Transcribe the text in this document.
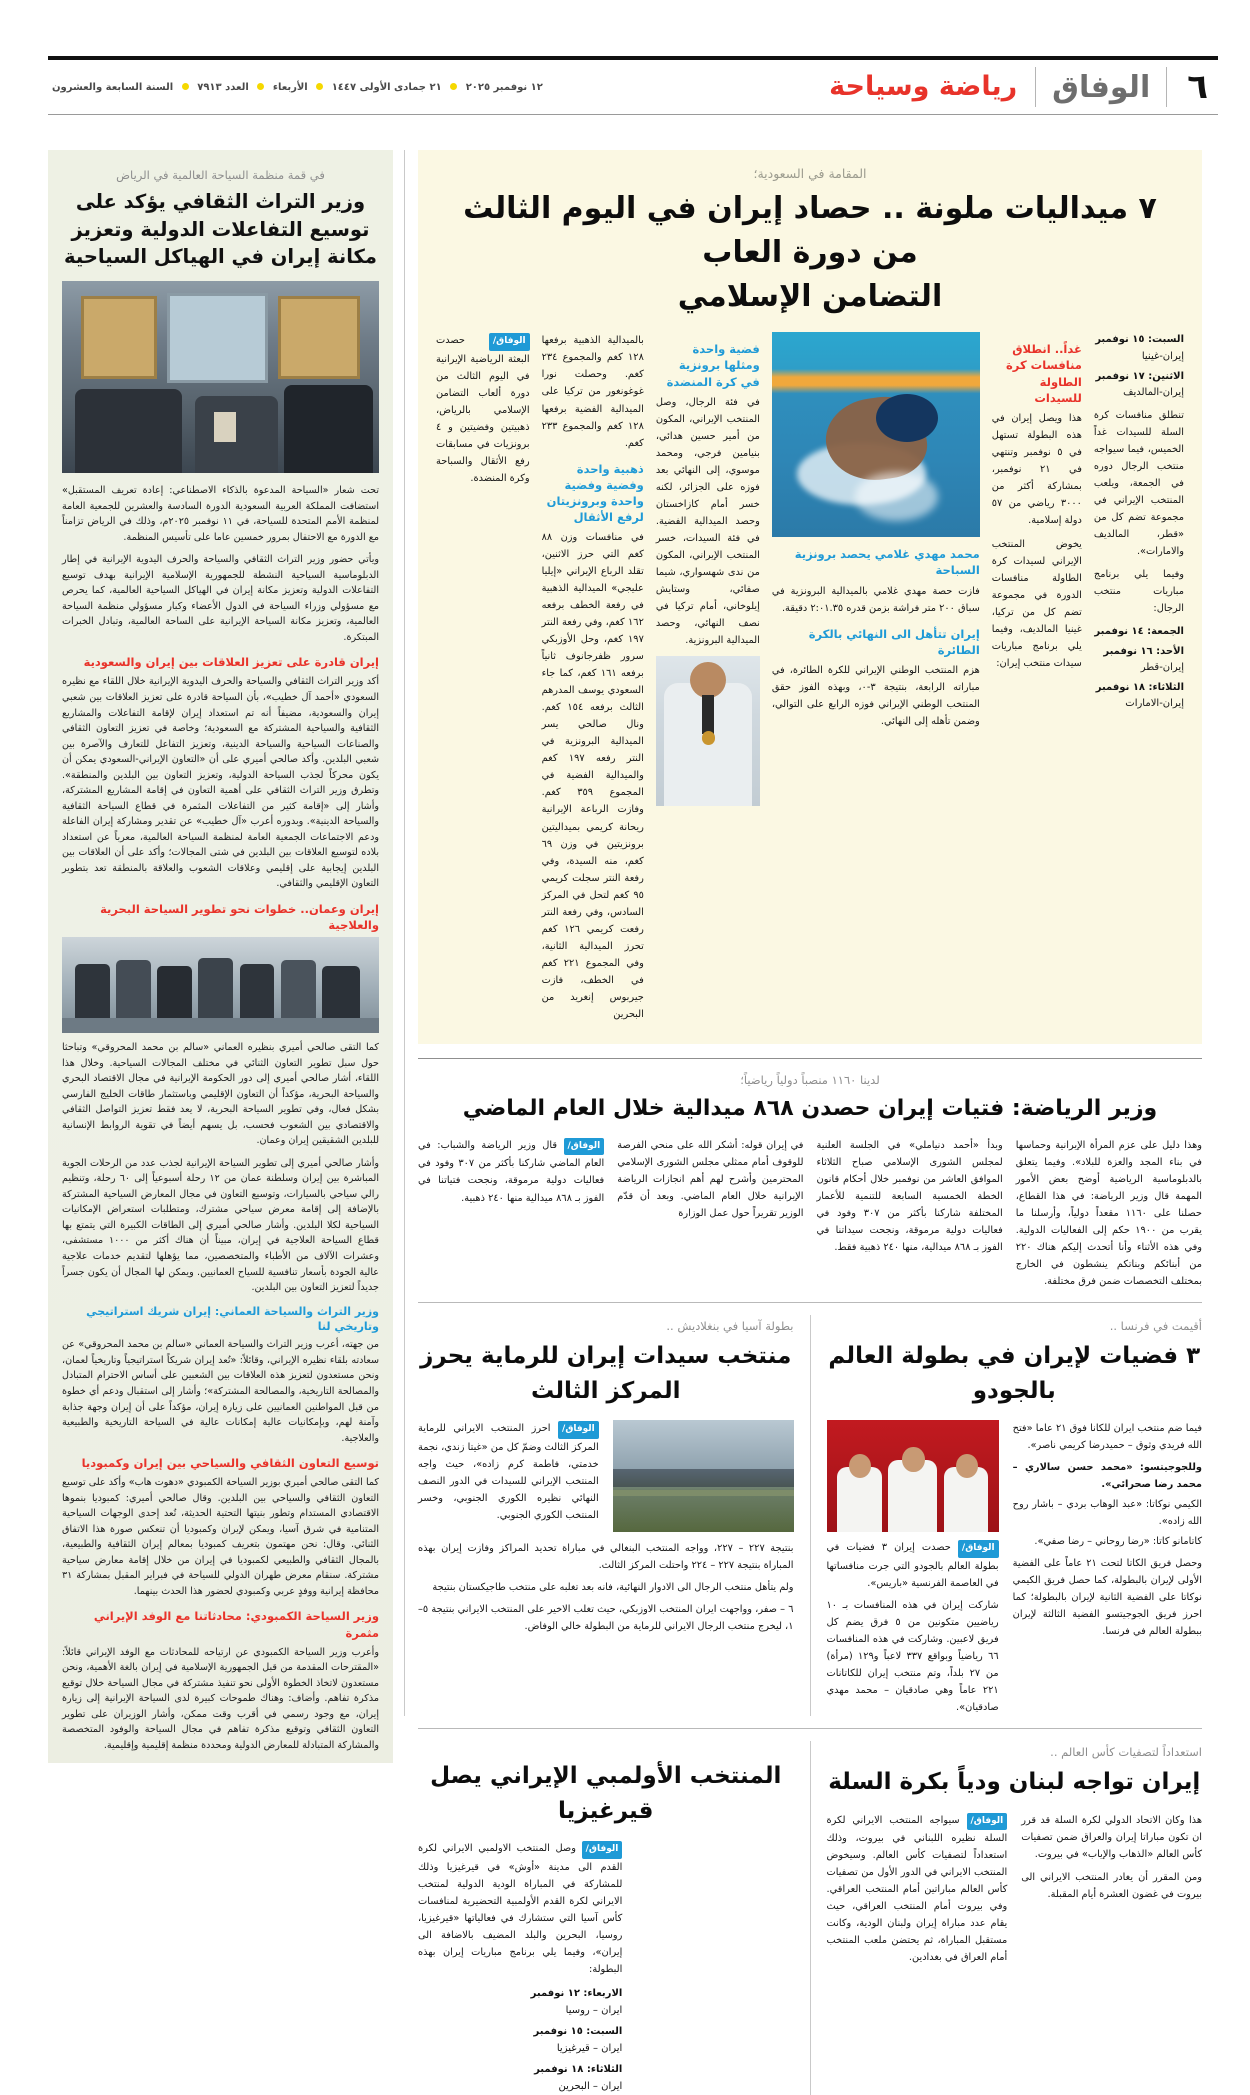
٦
الوفاق
رياضة وسياحة
١٢ نوفمبر ٢٠٢٥  ٢١ جمادى الأولى ١٤٤٧  الأربعاء  العدد ٧٩١٣  السنة السابعة والعشرون
في قمة منظمة السياحة العالمية في الرياض
وزير التراث الثقافي يؤكد على توسيع التفاعلات الدولية وتعزيز مكانة إيران في الهياكل السياحية
تحت شعار «السياحة المدعوة بالذكاء الاصطناعي: إعادة تعريف المستقبل» استضافت المملكة العربية السعودية الدورة السادسة والعشرين للجمعية العامة لمنظمة الأمم المتحدة للسياحة، في ١١ نوفمبر ٢٠٢٥م، وذلك في الرياض تزامناً مع الدورة مع الاحتفال بمرور خمسين عاما على تأسيس المنظمة.
ويأتي حضور وزير التراث الثقافي والسياحة والحرف اليدوية الإيرانية في إطار الدبلوماسية السياحية النشطة للجمهورية الإسلامية الإيرانية بهدف توسيع التفاعلات الدولية وتعزيز مكانة إيران في الهياكل السياحية العالمية، كما يحرص مع مسؤولي وزراء السياحة في الدول الأعضاء وكبار مسؤولي منظمة السياحة العالمية، وتعزيز مكانة السياحة الإيرانية على الساحة العالمية، وتبادل الخبرات المبتكرة.
إيران قادرة على تعزيز العلاقات بين إيران والسعودية
أكد وزير التراث الثقافي والسياحة والحرف اليدوية الإيرانية خلال اللقاء مع نظيره السعودي «أحمد آل خطيب»، بأن السياحة قادرة على تعزيز العلاقات بين شعبي إيران والسعودية، مضيفاً أنه تم استعداد إيران لإقامة التفاعلات والمشاريع الثقافية والسياحية المشتركة مع السعودية؛ وخاصة في تعزيز التعاون الثقافي والصناعات السياحية والسياحة الدينية، وتعزيز التفاعل للتعارف والآصرة بين شعبي البلدين. وأكد صالحي أميري على أن «التعاون الإيراني-السعودي يمكن أن يكون محركاً لجذب السياحة الدولية، وتعزيز التعاون بين البلدين والمنطقة». وتطرق وزير التراث الثقافي على أهمية التعاون في إقامة المشاريع المشتركة، وأشار إلى «إقامة كثير من التفاعلات المثمرة في قطاع السياحة الثقافية والسياحة الدينية». وبدوره أعرب «آل خطيب» عن تقدير ومشاركة إيران الفاعلة ودعم الاجتماعات الجمعية العامة لمنظمة السياحة العالمية، معرباً عن استعداد بلاده لتوسيع العلاقات بين البلدين في شتى المجالات؛ وأكد على أن العلاقات بين البلدين إيجابية على إقليمي وعلاقات الشعوب والعلاقة بالمنطقة تعد بتطوير التعاون الإقليمي والثقافي.
إيران وعمان.. خطوات نحو تطوير السياحة البحرية والعلاجية
كما التقى صالحي أميري بنظيره العماني «سالم بن محمد المحروقي» وتباحثا حول سبل تطوير التعاون الثنائي في مختلف المجالات السياحية. وخلال هذا اللقاء، أشار صالحي أميري إلى دور الحكومة الإيرانية في مجال الاقتصاد البحري والسياحة البحرية، مؤكداً أن التعاون الإقليمي وباستثمار طاقات الخليج الفارسي بشكل فعال، وفي تطوير السياحة البحرية، لا يعد فقط تعزيز التواصل الثقافي والاقتصادي بين الشعوب فحسب، بل يسهم أيضاً في تقوية الروابط الإنسانية للبلدين الشقيقين إيران وعمان.
وأشار صالحي أميري إلى تطوير السياحة الإيرانية لجذب عدد من الرحلات الجوية المباشرة بين إيران وسلطنة عمان من ١٢ رحلة أسبوعياً إلى ٦٠ رحلة، وتنظيم رالي سياحي بالسيارات، وتوسيع التعاون في مجال المعارض السياحية المشتركة بالإضافة إلى إقامة معرض سياحي مشترك، ومتطلبات استعراض الإمكانيات السياحية لكلا البلدين. وأشار صالحي أميري إلى الطاقات الكبيرة التي يتمتع بها قطاع السياحة العلاجية في إيران، مبيناً أن هناك أكثر من ١٠٠٠ مستشفى، وعشرات الآلاف من الأطباء والمتخصصين، مما يؤهلها لتقديم خدمات علاجية عالية الجودة بأسعار تنافسية للسياح العمانيين. ويمكن لها المجال أن يكون جسراً جديداً لتعزيز التعاون بين البلدين.
وزير التراث والسياحة العماني: إيران شريك استراتيجي وتاريخي لنا
من جهته، أعرب وزير التراث والسياحة العماني «سالم بن محمد المحروقي» عن سعادته بلقاء نظيره الإيراني، وقائلاً: «تُعد إيران شريكاً استراتيجياً وتاريخياً لعمان، ونحن مستعدون لتعزيز هذه العلاقات بين الشعبين على أساس الاحترام المتبادل والمصالحة التاريخية، والمصالحة المشتركة»؛ وأشار إلى استقبال ودعم أي خطوة من قبل المواطنين العمانيين على زيارة إيران، مؤكداً على أن إيران وجهة جذابة وآمنة لهم، وبإمكانيات عالية إمكانات عالية في السياحة التاريخية والطبيعية والعلاجية.
توسيع التعاون الثقافي والسياحي بين إيران وكمبوديا
كما التقى صالحي أميري بوزير السياحة الكمبودي «دهوت هاب» وأكد على توسيع التعاون الثقافي والسياحي بين البلدين. وقال صالحي أميري: كمبوديا بنموها الاقتصادي المستدام وتطور بنيتها التحتية الحديثة، تُعد إحدى الوجهات السياحية المتنامية في شرق آسيا، ويمكن لإيران وكمبوديا أن تنعكس صورة هذا الاتفاق الثنائي. وقال: نحن مهتمون بتعريف كمبوديا بمعالم إيران الثقافية والطبيعية، بالمجال الثقافي والطبيعي لكمبوديا في إيران من خلال إقامة معارض سياحية مشتركة. سنقام معرض طهران الدولي للسياحة في فبراير المقبل بمشاركة ٣١ محافظة إيرانية ووفدٍ عربي وكمبودي لحضور هذا الحدث بينهما.
وزير السياحة الكمبودي: محادثاتنا مع الوفد الإيراني مثمرة
وأعرب وزير السياحة الكمبودي عن ارتياحه للمحادثات مع الوفد الإيراني قائلاً: «المقترحات المقدمة من قبل الجمهورية الإسلامية في إيران بالغة الأهمية، ونحن مستعدون لاتخاذ الخطوة الأولى نحو تنفيذ مشتركة في مجال السياحة خلال توقيع مذكرة تفاهم. وأضاف: وهناك طموحات كبيرة لدى السياحة الإيرانية إلى زيارة إيران، مع وجود رسمي في أقرب وقت ممكن، وأشار الوزيران على تطوير التعاون الثقافي وتوقيع مذكرة تفاهم في مجال السياحة والوفود المتخصصة والمشاركة المتبادلة للمعارض الدولية ومحددة منظمة إقليمية وإقليمية.
المقامة في السعودية؛
٧ ميداليات ملونة .. حصاد إيران في اليوم الثالث من دورة العاب
التضامن الإسلامي
السبت: ١٥ نوفمبر
إيران-غينيا
الاثنين: ١٧ نوفمبر
إيران-المالديف
تنطلق منافسات كرة السلة للسيدات غداً الخميس، فيما سيواجه منتخب الرجال دوره في الجمعة، ويلعب المنتخب الإيراني في مجموعة تضم كل من «قطر، المالديف والامارات».
وفيما يلي برنامج مباريات منتخب الرجال:
الجمعة: ١٤ نوفمبر
الأحد: ١٦ نوفمبر
إيران-قطر
الثلاثاء: ١٨ نوفمبر
إيران-الامارات
غداً.. انطلاق منافسات كرة الطاولة للسيدات

هذا ويصل إيران في هذه البطولة تستهل في ٥ نوفمبر وتنتهي في ٢١ نوفمبر، بمشاركة أكثر من ٣٠٠٠ رياضي من ٥٧ دولة إسلامية.

يخوض المنتخب الإيراني لسيدات كرة الطاولة منافسات الدورة في مجموعة تضم كل من تركيا، غينيا المالديف، وفيما يلي برنامج مباريات سيدات منتخب إيران:

محمد مهدي غلامي يحصد برونزية السباحة
فازت حصة مهدي غلامي بالميدالية البرونزية في سباق ٢٠٠ متر فراشة بزمن قدره ٢:٠١.٣٥ دقيقة.
إيران تتأهل الى النهائي بالكرة الطائرة
هزم المنتخب الوطني الإيراني للكرة الطائرة، في مباراته الرابعة، بنتيجة ٣-٠، وبهذه الفوز حقق المنتخب الوطني الإيراني فوزه الرابع على التوالي، وضمن تأهله إلى النهائي.
فضية واحدة ومثلها برونزية في كرة المنضدة

في فئة الرجال، وصل المنتخب الإيراني، المكون من أمير حسين هدائي، بنيامين فرجي، ومحمد موسوي، إلى النهائي بعد فوزه على الجزائر، لكنه خسر أمام كازاخستان وحصد الميدالية الفضية. في فئة السيدات، خسر المنتخب الإيراني، المكون من ندى شهسواري، شيما صفائي، وستايش إيلوخاني، أمام تركيا في نصف النهائي، وحصد الميدالية البرونزية.

بالميدالية الذهبية برفعها ١٢٨ كغم والمجموع ٢٣٤ كغم. وحصلت نورا غوغونغور من تركيا على الميدالية الفضية برفعها ١٢٨ كغم والمجموع ٢٣٣ كغم.

ذهبية واحدة وفضية وفضية واحدة وبرونزيتان لرفع الأثقال

في منافسات وزن ٨٨ كغم التي حرز الاثنين، تقلد الرباع الإيراني «إيليا عليجي» الميدالية الذهبية في رفعة الخطف برفعه ١٦٢ كغم، وفي رفعة النتر ١٩٧ كغم، وحل الأوزبكي سرور ظفرجانوف ثانياً برفعه ١٦١ كغم، كما جاء السعودي يوسف المدرهم الثالث برفعه ١٥٤ كغم. ونال صالحي يسر الميدالية البرونزية في النتر رفعه ١٩٧ كغم والميدالية الفضية في المجموع ٣٥٩ كغم. وفازت الرباعة الإيرانية ريحانة كريمي بميداليتين برونزيتين في وزن ٦٩ كغم، منه السيدة، وفي رفعة النتر سجلت كريمي ٩٥ كغم لتحل في المركز السادس، وفي رفعة النتر رفعت كريمي ١٢٦ كغم تحرز الميدالية الثانية، وفي المجموع ٢٢١ كغم في الخطف، فازت جيربوس إنغريد من البحرين

الوفاق/ حصدت البعثة الرياضية الإيرانية في اليوم الثالث من دورة ألعاب التضامن الإسلامي بالرياض، ذهبيتين وفضيتين و ٤ برونزيات في مسابقات رفع الأثقال والسباحة وكرة المنضدة.

لدينا ١١٦٠ منصباً دولياً رياضياً؛
وزير الرياضة: فتيات إيران حصدن ٨٦٨ ميدالية خلال العام الماضي
وهذا دليل على عزم المرأة الإيرانية وحماسها في بناء المجد والعزة للبلاد». وفيما يتعلق بالدبلوماسية الرياضية أوضح بعض الأمور المهمة قال وزير الرياضة: في هذا القطاع، حصلنا على ١١٦٠ مقعداً دولياً، وأرسلنا ما يقرب من ١٩٠٠ حكم إلى الفعاليات الدولية. وفي هذه الأثناء وأنا أتحدث إليكم هناك ٢٢٠ من أبنائكم وبناتكم ينشطون في الخارج بمختلف التخصصات ضمن فرق مختلفة.
وبدأ «أحمد دنياملي» في الجلسة العلنية لمجلس الشورى الإسلامي صباح الثلاثاء الموافق العاشر من نوفمبر خلال أحكام قانون الخطة الخمسية السابعة للتنمية للأعمار المختلفة شاركنا بأكثر من ٣٠٧ وفود في فعاليات دولية مرموقة، ونجحت سيداتنا في الفوز بـ ٨٦٨ ميدالية، منها ٢٤٠ ذهبية فقط.
في إيران قوله: أشكر الله على منحي الفرصة للوقوف أمام ممثلي مجلس الشورى الإسلامي المحترمين وأشرح لهم أهم انجازات الرياضة الإيرانية خلال العام الماضي. وبعد أن قدّم الوزير تقريراً حول عمل الوزارة
الوفاق/ قال وزير الرياضة والشباب: في العام الماضي شاركنا بأكثر من ٣٠٧ وفود في فعاليات دولية مرموقة، ونجحت فتياتنا في الفوز بـ ٨٦٨ ميدالية منها ٢٤٠ ذهبية.
أقيمت في فرنسا ..
٣ فضيات لإيران في بطولة العالم بالجودو
فيما ضم منتخب ايران للكانا فوق ٢١ عاما «فتح الله فريدي وثوق – حميدرضا كريمي ناصر».
وللجوجيتسو: «محمد حسن سالاري – محمد رضا صحرائي».
الكيمي نوكاتا: «عبد الوهاب بردي – باشار روح الله زاده».
كاتامانو كاتا: «رضا روحاني – رضا صفي».
وحصل فريق الكاتا لتحت ٢١ عاماً على الفضية الأولى لإيران بالبطولة، كما حصل فريق الكيمي نوكاتا على الفضية الثانية لإيران بالبطولة؛ كما احرز فريق الجوجيتسو الفضية الثالثة لإيران ببطولة العالم في فرنسا.
الوفاق/ حصدت إيران ٣ فضيات في بطولة العالم بالجودو التي جرت منافساتها في العاصمة الفرنسية «باريس».
شاركت إيران في هذه المنافسات بـ ١٠ رياضيين متكونين من ٥ فرق يضم كل فريق لاعبين. وشاركت في هذه المنافسات ٦٦ رياضياً وبواقع ٣٣٧ لاعباً و١٢٩ (مرأة) من ٢٧ بلداً، وتم منتخب إيران للكاتانات ٢٢١ عاماً وهي صادقيان – محمد مهدي صادقيان».
بطولة آسيا في بنغلاديش ..
منتخب سيدات إيران للرماية يحرز المركز الثالث
الوفاق/ احرز المنتخب الايراني للرماية المركز الثالث وضمّ كل من «غيتا زندي، نجمة خدمتي، فاطمة کرم زاده»، حيث واجه المنتخب الإيراني للسيدات في الدور النصف النهائي نظيره الكوري الجنوبي، وخسر المنتخب الكوري الجنوبي.
بنتيجة ٢٢٧ – ٢٢٧، وواجه المنتخب البنغالي في مباراة تحديد المراكز وفازت إيران بهذه المباراة بنتيجة ٢٢٧ – ٢٢٤ واحتلت المركز الثالث.
ولم يتأهل منتخب الرجال الى الادوار النهائية، فانه بعد تغلبه على منتخب طاجيكستان بنتيجة
٦ – صفر، وواجهت ايران المنتخب الاوزبكي، حيث تغلب الاخير على المنتخب الايراني بنتيجة ٥–١، ليخرج منتخب الرجال الايراني للرماية من البطولة خالي الوفاض.
استعداداً لتصفيات كأس العالم ..
إيران تواجه لبنان ودياً بكرة السلة
هذا وكان الاتحاد الدولي لكرة السلة قد قرر ان تكون مباراتا إيران والعراق ضمن تصفيات كأس العالم «الذهاب والإياب» في بيروت.
ومن المقرر أن يغادر المنتخب الايراني الى بيروت في غضون العشرة أيام المقبلة.
الوفاق/ سيواجه المنتخب الايراني لكرة السلة نظيره اللبناني في بيروت، وذلك استعداداً لتصفيات كأس العالم. وسيخوض المنتخب الايراني في الدور الأول من تصفيات كأس العالم مباراتين أمام المنتخب العراقي. وفي بيروت أمام المنتخب العراقي، حيث يقام عدد مباراة إيران ولبنان الودية، وكانت مستقبل المباراة، ثم يحتضن ملعب المنتخب أمام العراق في بغدادين.
المنتخب الأولمبي الإيراني يصل قيرغيزيا
الوفاق/ وصل المنتخب الاولمبي الايراني لكرة القدم الى مدينة «أوش» في قيرغيزيا وذلك للمشاركة في المباراة الودية الدولية لمنتخب الايراني لكرة القدم الأولمبية التحضيرية لمنافسات كأس آسيا التي ستشارك في فعالياتها «قيرغيزيا، روسيا، البحرين والبلد المضيف بالاضافة الى إيران»، وفيما يلي برنامج مباريات إيران بهذه البطولة:
الاربعاء: ١٢ نوفمبر
ايران – روسيا
السبت: ١٥ نوفمبر
ايران – قيرغيزيا
الثلاثاء: ١٨ نوفمبر
ايران – البحرين
